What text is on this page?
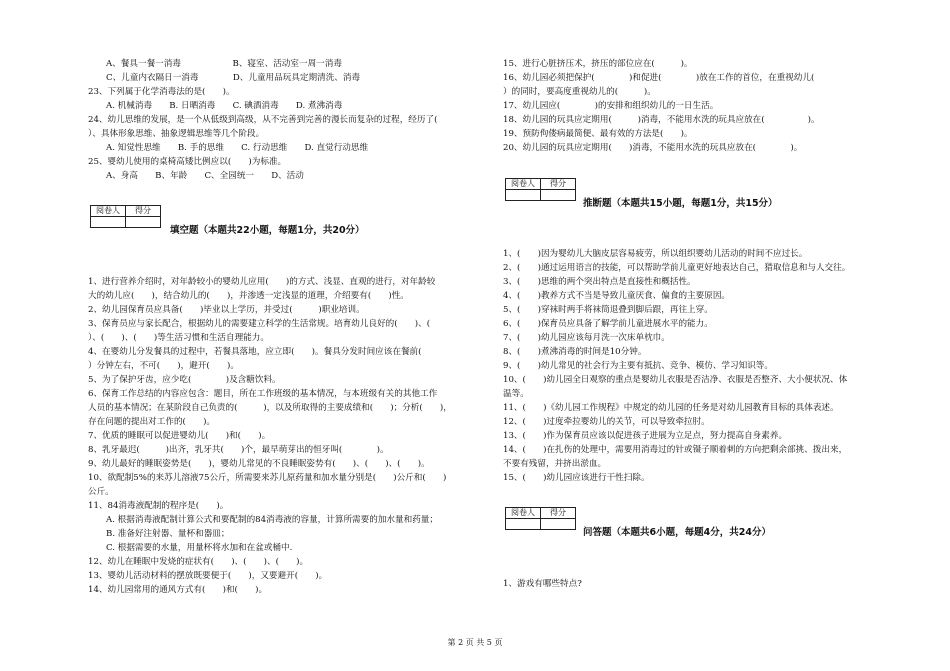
A、餐具一餐一消毒　　　　　　B、寝室、活动室一周一消毒
C、儿童内衣隔日一消毒　　　　D、儿童用品玩具定期清洗、消毒
23、下列属于化学消毒法的是(　　)。
A. 机械消毒　　B. 日晒消毒　　C. 碘酒消毒　　D. 煮沸消毒
24、幼儿思维的发展，是一个从低级到高级，从不完善到完善的漫长而复杂的过程，经历了(　　
）、具体形象思维、抽象逻辑思维等几个阶段。
A. 知觉性思维　　B. 手的思维　　C. 行动思维　　D. 直觉行动思维
25、婴幼儿使用的桌椅高矮比例应以(　　)为标准。
A、身高　　B、年龄　　C、全园统一　　D、活动
阅卷人	得分

填空题（本题共22小题，每题1分，共20分）
1、进行营养介绍时，对年龄较小的婴幼儿应用(　　)的方式、浅显、直观的进行，对年龄较
大的幼儿应(　　)，结合幼儿的(　　)，并渗透一定浅显的道理，介绍要有(　　)性。
2、幼儿园保育员应具备(　　)毕业以上学历，并受过(　　　)职业培训。
3、保育员应与家长配合，根据幼儿的需要建立科学的生活常规。培育幼儿良好的(　　)、(　　
）、(　　)、(　　)等生活习惯和生活自理能力。
4、在婴幼儿分发餐具的过程中，若餐具落地，应立即(　　)。餐具分发时间应该在餐前(　　
）分钟左右，不可(　　)，避开(　　)。
5、为了保护牙齿，应少吃(　　　　)及含糖饮料。
6、保育工作总结的内容应包含：题目，所在工作班级的基本情况，与本班级有关的其他工作
人员的基本情况；在某阶段自己负责的(　　　)，以及所取得的主要成绩和(　　)；分析(　　)，
存在问题的提出对工作的(　　)。
7、优质的睡眠可以促进婴幼儿(　　)和(　　)。
8、乳牙最迟(　　　)出齐，乳牙共(　　)个，最早萌芽出的恒牙叫(　　　　)。
9、幼儿最好的睡眠姿势是(　　)，婴幼儿常见的不良睡眠姿势有(　　)、(　　)、(　　)。
10、欲配制5%的来苏儿溶液75公斤，所需要来苏儿原药量和加水量分别是(　　)公斤和(　　)
公斤。
11、84消毒液配制的程序是(　　)。
A. 根据消毒液配制计算公式和要配制的84消毒液的容量，计算所需要的加水量和药量；
B. 准备好注射器、量杯和器皿；
C. 根据需要的水量，用量杯将水加和在盆或桶中.
12、幼儿在睡眠中发烧的症状有(　　)、(　　)、(　　)。
13、婴幼儿活动材料的摆放既要便于(　　)，又要避开(　　)。
14、幼儿园常用的通风方式有(　　)和(　　)。
15、进行心脏挤压术，挤压的部位应在(　　　)。
16、幼儿园必须把保护(　　　　)和促进(　　　　)放在工作的首位，在重视幼儿(　　　
）的同时，要高度重视幼儿的(　　　)。
17、幼儿园应(　　　　)的安排和组织幼儿的一日生活。
18、幼儿园的玩具应定期用(　　　)消毒，不能用水洗的玩具应放在(　　　　　)。
19、预防佝偻病最简便、最有效的方法是(　　)。
20、幼儿园的玩具应定期用(　　)消毒，不能用水洗的玩具应放在(　　　　)。
阅卷人	得分

推断题（本题共15小题，每题1分，共15分）
1、(　　)因为婴幼儿大脑皮层容易疲劳，所以组织婴幼儿活动的时间不应过长。
2、(　　)通过运用语言的技能，可以帮助学前儿童更好地表达自己，猎取信息和与人交往。
3、(　　)思维的两个突出特点是直接性和概括性。
4、(　　)教养方式不当是导致儿童厌食、偏食的主要原因。
5、(　　)穿袜时两手将袜筒退叠到脚后跟，再往上穿。
6、(　　)保育员应具备了解学前儿童进展水平的能力。
7、(　　)幼儿园应该每月洗一次床单枕巾。
8、(　　)煮沸消毒的时间是10分钟。
9、(　　)幼儿常见的社会行为主要有抵抗、竞争、模仿、学习知识等。
10、(　　)幼儿园全日观察的重点是婴幼儿衣服是否洁净、衣服是否整齐、大小便状况、体
温等。
11、(　　)《幼儿园工作规程》中规定的幼儿园的任务是对幼儿园教育目标的具体表述。
12、(　　)过度牵拉婴幼儿的关节，可以导致牵拉肘。
13、(　　)作为保育员应该以促进孩子进展为立足点，努力提高自身素养。
14、(　　)在扎伤的处理中，需要用消毒过的针或镊子顺着刺的方向把剩余部挑、拨出来，
不要有残留，并挤出淤血。
15、(　　)幼儿园应该进行干性扫除。
阅卷人	得分

问答题（本题共6小题，每题4分，共24分）
1、游戏有哪些特点?
第 2 页 共 5 页
